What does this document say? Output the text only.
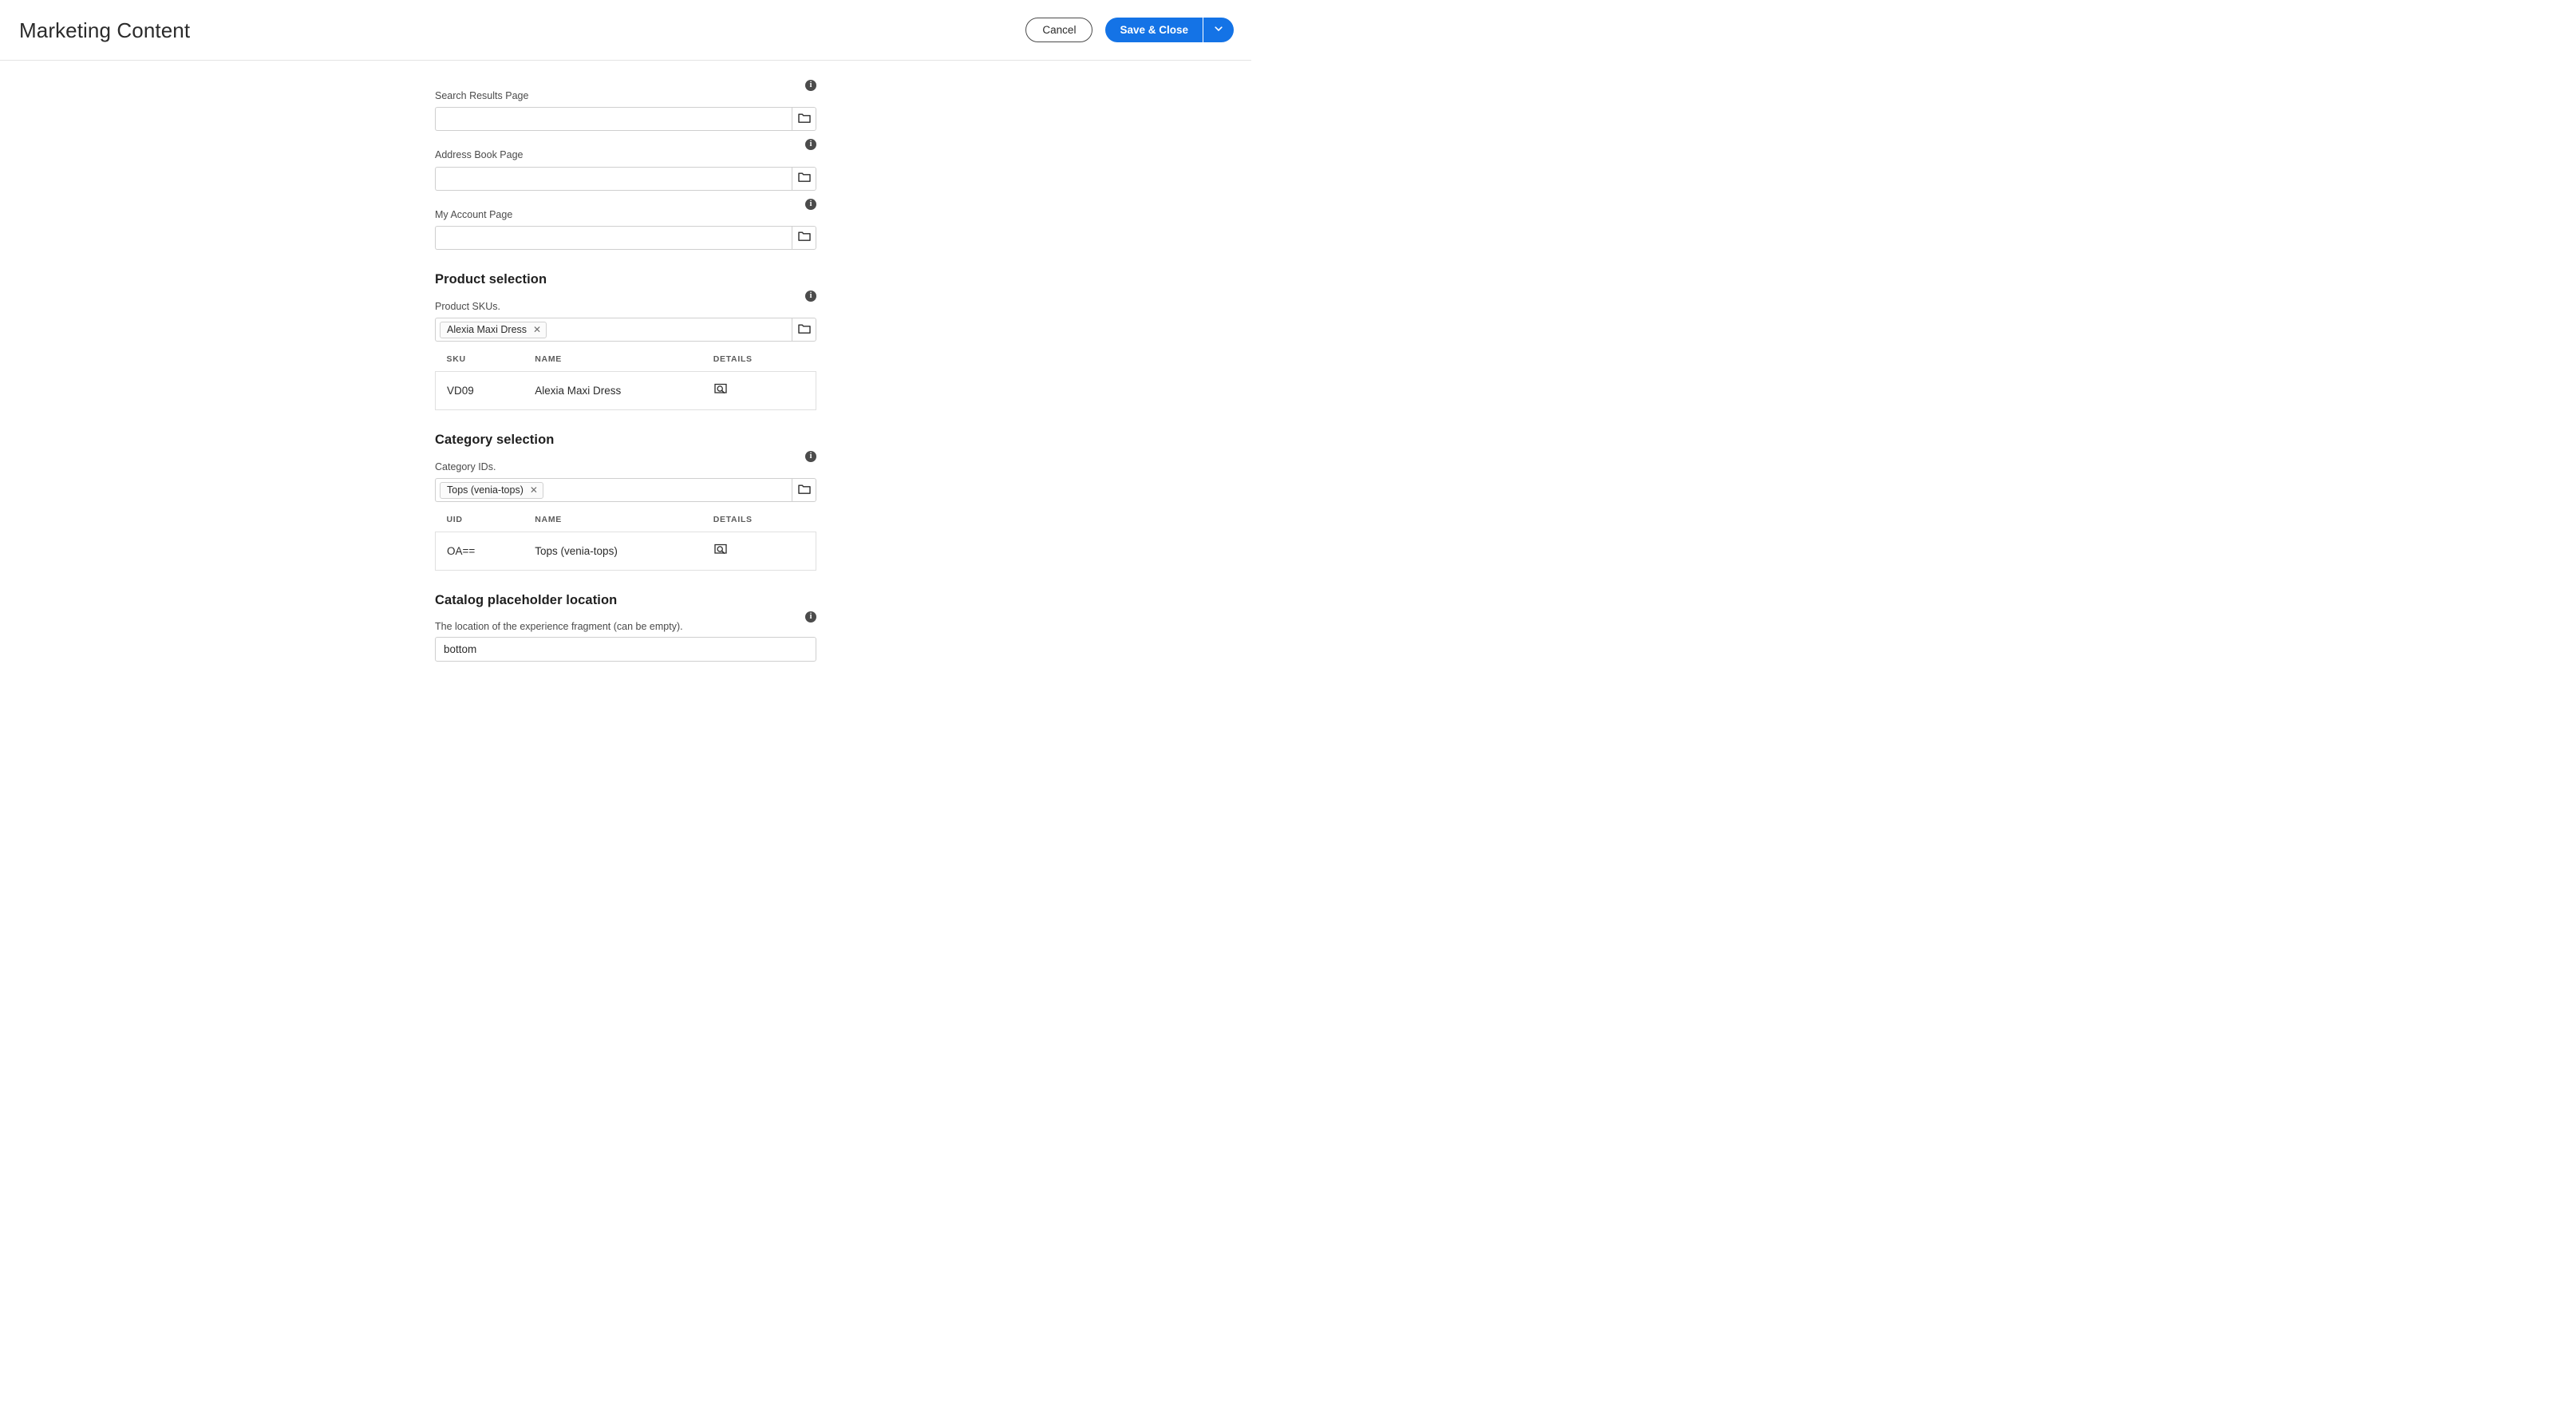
Marketing Content	Cancel	Save & Close
i
Search Results Page
i
Address Book Page
i
My Account Page
Product selection
i
Product SKUs.
Alexia Maxi Dress ✕
SKU	NAME	DETAILS
VD09	Alexia Maxi Dress	
Category selection
i
Category IDs.
Tops (venia-tops) ✕
UID	NAME	DETAILS
OA==	Tops (venia-tops)	
Catalog placeholder location
i
The location of the experience fragment (can be empty).
bottom
